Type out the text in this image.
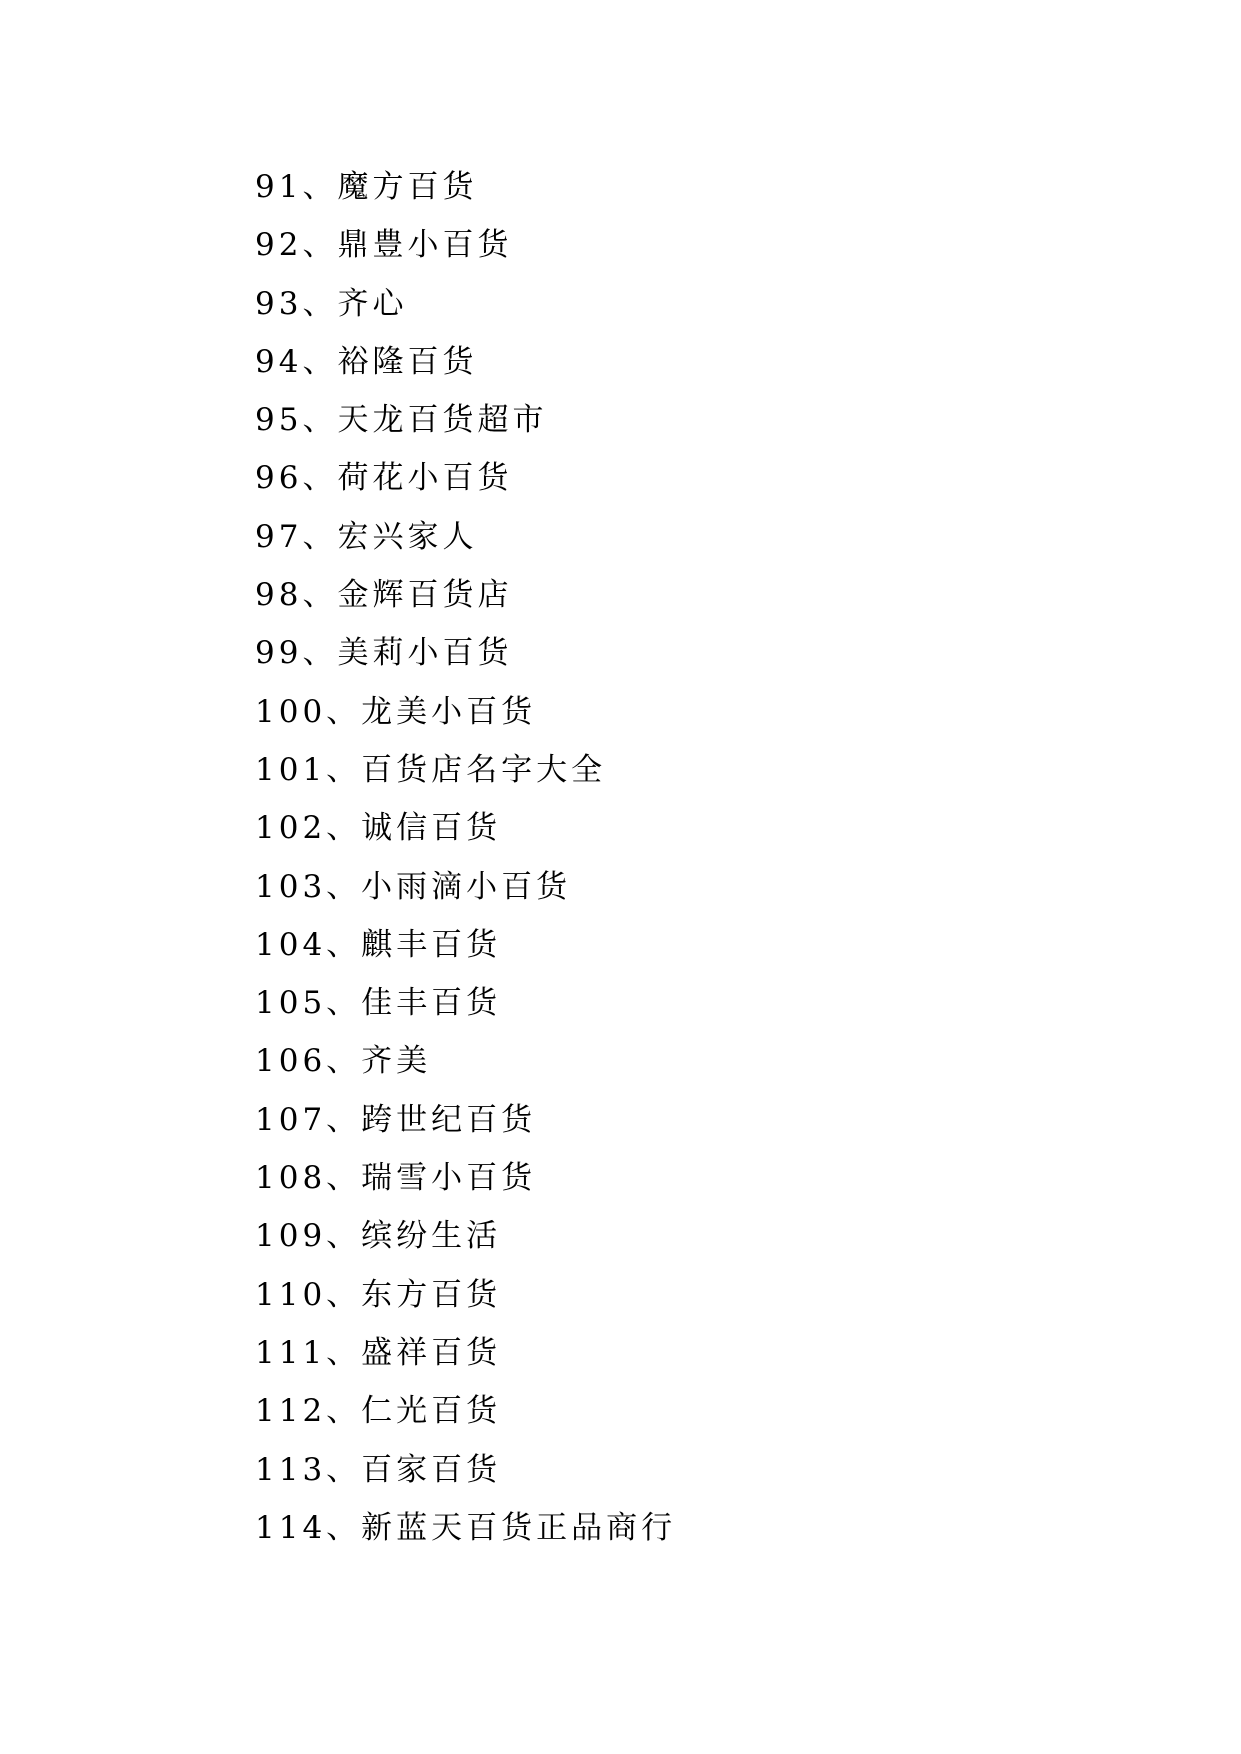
91、魔方百货
92、鼎豊小百货
93、齐心
94、裕隆百货
95、天龙百货超市
96、荷花小百货
97、宏兴家人
98、金辉百货店
99、美莉小百货
100、龙美小百货
101、百货店名字大全
102、诚信百货
103、小雨滴小百货
104、麒丰百货
105、佳丰百货
106、齐美
107、跨世纪百货
108、瑞雪小百货
109、缤纷生活
110、东方百货
111、盛祥百货
112、仁光百货
113、百家百货
114、新蓝天百货正品商行
